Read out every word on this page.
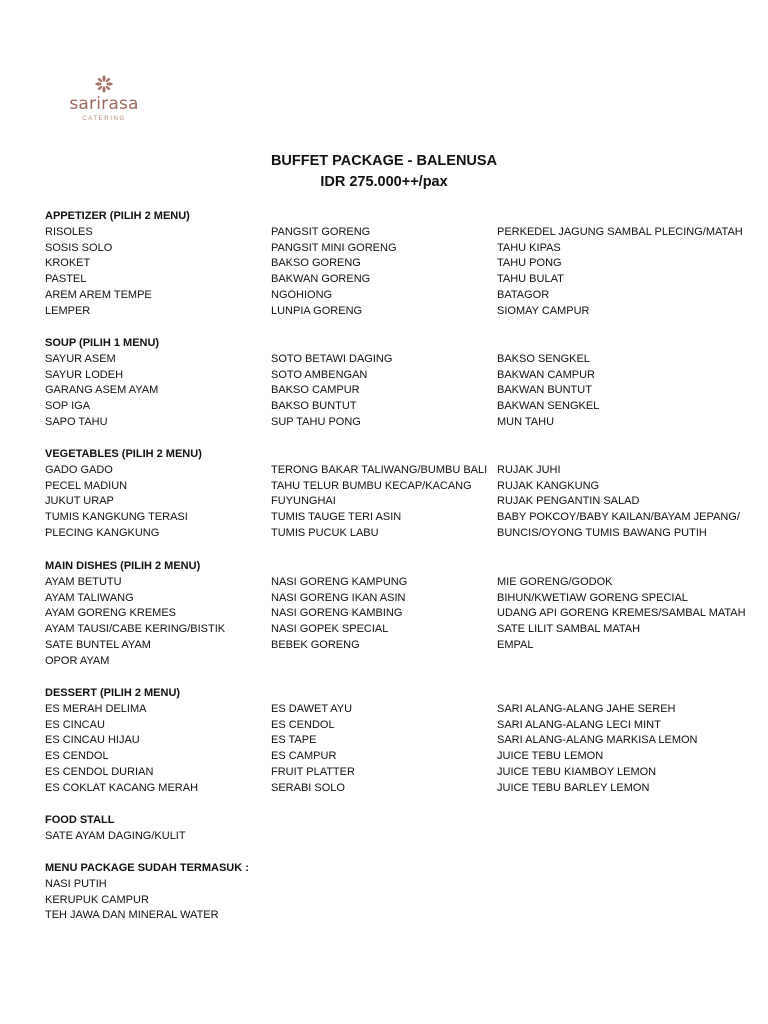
sarirasa
CATERING
BUFFET PACKAGE - BALENUSA
IDR 275.000++/pax
APPETIZER (PILIH 2 MENU)
RISOLES
SOSIS SOLO
KROKET
PASTEL
AREM AREM TEMPE
LEMPER
PANGSIT GORENG
PANGSIT MINI GORENG
BAKSO GORENG
BAKWAN GORENG
NGOHIONG
LUNPIA GORENG
PERKEDEL JAGUNG SAMBAL PLECING/MATAH
TAHU KIPAS
TAHU PONG
TAHU BULAT
BATAGOR
SIOMAY CAMPUR
SOUP (PILIH 1 MENU)
SAYUR ASEM
SAYUR LODEH
GARANG ASEM AYAM
SOP IGA
SAPO TAHU
SOTO BETAWI DAGING
SOTO AMBENGAN
BAKSO CAMPUR
BAKSO BUNTUT
SUP TAHU PONG
BAKSO SENGKEL
BAKWAN CAMPUR
BAKWAN BUNTUT
BAKWAN SENGKEL
MUN TAHU
VEGETABLES (PILIH 2 MENU)
GADO GADO
PECEL MADIUN
JUKUT URAP
TUMIS KANGKUNG TERASI
PLECING KANGKUNG
TERONG BAKAR TALIWANG/BUMBU BALI
TAHU TELUR BUMBU KECAP/KACANG
FUYUNGHAI
TUMIS TAUGE TERI ASIN
TUMIS PUCUK LABU
RUJAK JUHI
RUJAK KANGKUNG
RUJAK PENGANTIN SALAD
BABY POKCOY/BABY KAILAN/BAYAM JEPANG/
BUNCIS/OYONG TUMIS BAWANG PUTIH
MAIN DISHES (PILIH 2 MENU)
AYAM BETUTU
AYAM TALIWANG
AYAM GORENG KREMES
AYAM TAUSI/CABE KERING/BISTIK
SATE BUNTEL AYAM
OPOR AYAM
NASI GORENG KAMPUNG
NASI GORENG IKAN ASIN
NASI GORENG KAMBING
NASI GOPEK SPECIAL
BEBEK GORENG
MIE GORENG/GODOK
BIHUN/KWETIAW GORENG SPECIAL
UDANG API GORENG KREMES/SAMBAL MATAH
SATE LILIT SAMBAL MATAH
EMPAL
DESSERT (PILIH 2 MENU)
ES MERAH DELIMA
ES CINCAU
ES CINCAU HIJAU
ES CENDOL
ES CENDOL DURIAN
ES COKLAT KACANG MERAH
ES DAWET AYU
ES CENDOL
ES TAPE
ES CAMPUR
FRUIT PLATTER
SERABI SOLO
SARI ALANG-ALANG JAHE SEREH
SARI ALANG-ALANG LECI MINT
SARI ALANG-ALANG MARKISA LEMON
JUICE TEBU LEMON
JUICE TEBU KIAMBOY LEMON
JUICE TEBU BARLEY LEMON
FOOD STALL
SATE AYAM DAGING/KULIT
MENU PACKAGE SUDAH TERMASUK :
NASI PUTIH
KERUPUK CAMPUR
TEH JAWA DAN MINERAL WATER
